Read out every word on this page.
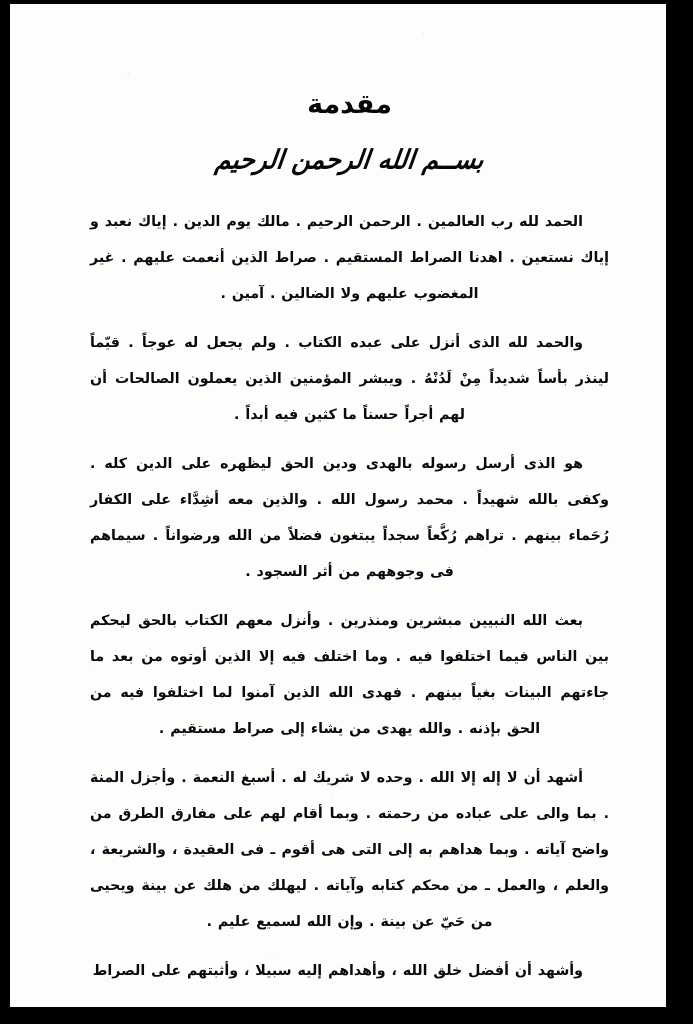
مقدمة
بســم الله الرحمن الرحيم

الحمد لله رب العالمين . الرحمن الرحيم . مالك يوم الدين . إياك نعبد و إياك نستعين . اهدنا الصراط المستقيم . صراط الذين أنعمت عليهم . غير المغضوب عليهم ولا الضالين . آمين .

والحمد لله الذى أنزل على عبده الكتاب . ولم يجعل له عوجاً . قيّماً لينذر بأساً شديداً مِنْ لَدُنْهُ . ويبشر المؤمنين الذين يعملون الصالحات أن لهم أجراً حسناً ما كثين فيه أبداً .

هو الذى أرسل رسوله بالهدى ودين الحق ليظهره على الدين كله . وكفى بالله شهيداً . محمد رسول الله . والذين معه أشِدَّاء على الكفار رُحَماء بينهم . تراهم رُكَّعاً سجداً يبتغون فضلاً من الله ورضواناً . سيماهم فى وجوههم من أثر السجود .

بعث الله النبيين مبشرين ومنذرين . وأنزل معهم الكتاب بالحق ليحكم بين الناس فيما اختلفوا فيه . وما اختلف فيه إلا الذين أوتوه من بعد ما جاءتهم البينات بغياً بينهم . فهدى الله الذين آمنوا لما اختلفوا فيه من الحق بإذنه . والله يهدى من يشاء إلى صراط مستقيم .

أشهد أن لا إله إلا الله . وحده لا شريك له . أسبغ النعمة . وأجزل المنة . بما والى على عباده من رحمته . وبما أقام لهم على مفارق الطرق من واضح آياته . وبما هداهم به إلى التى هى أقوم ـ فى العقيدة ، والشريعة ، والعلم ، والعمل ـ من محكم كتابه وآياته . ليهلك من هلك عن بينة ويحيى من حَيّ عن بينة . وإن الله لسميع عليم .

وأشهد أن أفضل خلق الله ، وأهداهم إليه سبيلا ، وأثبتهم على الصراط
